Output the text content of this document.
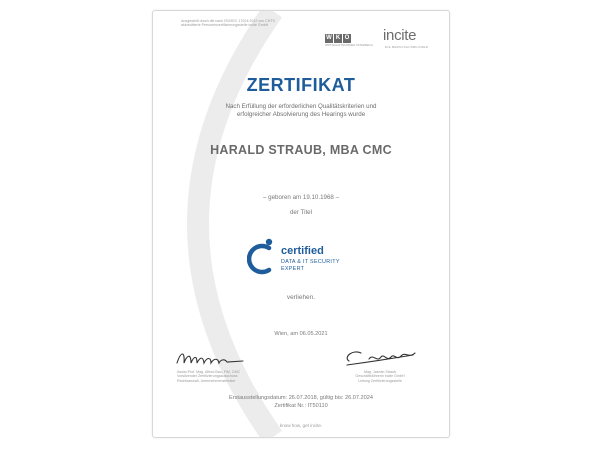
Ausgestellt durch die nach ISO/IEC 17024:2012 von CHTS
akkreditierte Personenzertifizierungsstelle incite GmbH
W K O
WIRTSCHAFTSKAMMER ÖSTERREICH
incite
DIE BERUFSAUSBILDNER
ZERTIFIKAT
Nach Erfüllung der erforderlichen Qualitätskriterien und
erfolgreicher Absolvierung des Hearings wurde
HARALD STRAUB, MBA CMC
– geboren am 19.10.1968 –
der Titel
certified
DATA & IT SECURITY
EXPERT
verliehen.
Wien, am 06.05.2021
Assist.Prof. Mag. Alfred Bau, FIM, CMC
Vorsitzender Zertifizierungsausschuss
Rechtsanwalt, Unternehmensberater
Mag. Jasmin Straub
Geschäftsführerin incite GmbH
Leitung Zertifizierungsstelle
Erstausstellungsdatum: 26.07.2018, gültig bis: 26.07.2024
Zertifikat Nr.: IT50110
know how, get incite.
